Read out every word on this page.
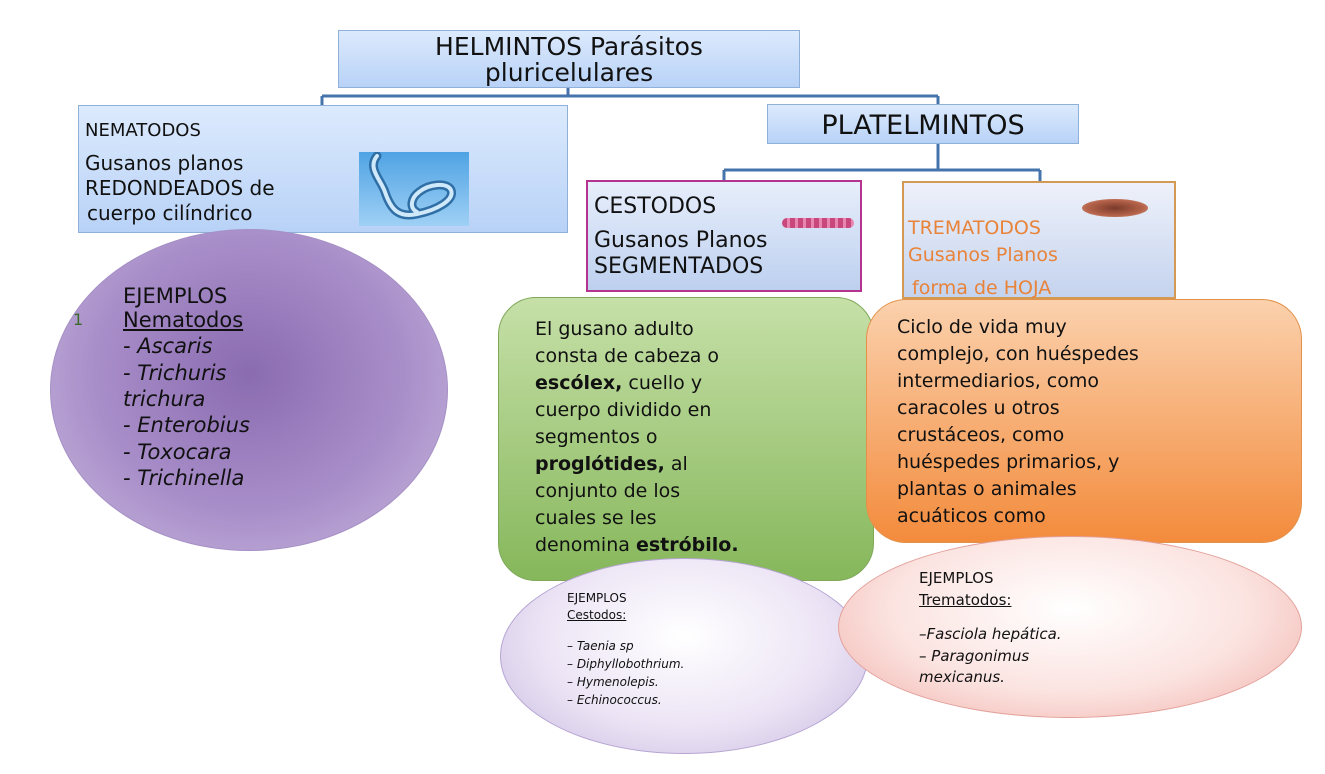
HELMINTOS Parásitos
pluricelulares
NEMATODOS
Gusanos planos
REDONDEADOS de
cuerpo cilíndrico
PLATELMINTOS
CESTODOS
Gusanos Planos
SEGMENTADOS
TREMATODOS
Gusanos Planos
forma de HOJA
1
EJEMPLOS
Nematodos
- Ascaris
- Trichuris
trichura
- Enterobius
- Toxocara
- Trichinella
El gusano adulto
consta de cabeza o
escólex, cuello y
cuerpo dividido en
segmentos o
proglótides, al
conjunto de los
cuales se les
denomina estróbilo.
Ciclo de vida muy
complejo, con huéspedes
intermediarios, como
caracoles u otros
crustáceos, como
huéspedes primarios, y
plantas o animales
acuáticos como
EJEMPLOS
Cestodos:
– Taenia sp
– Diphyllobothrium.
– Hymenolepis.
– Echinococcus.
EJEMPLOS
Trematodos:
–Fasciola hepática.
– Paragonimus
mexicanus.
